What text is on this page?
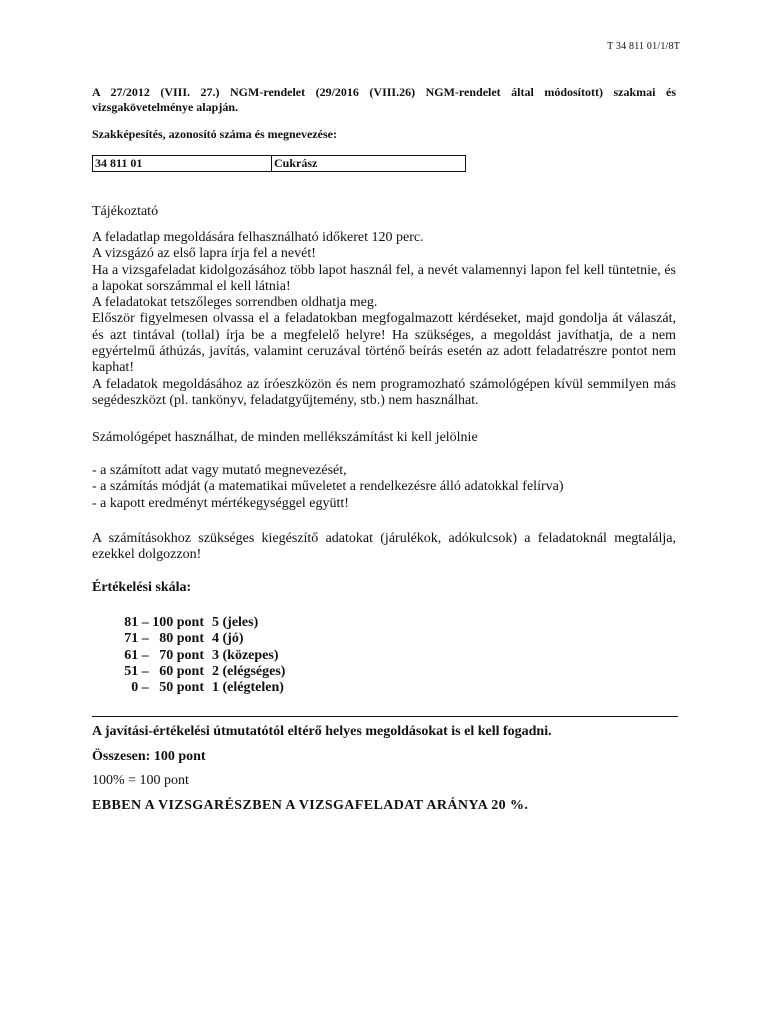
T 34 811 01/1/8T
A 27/2012 (VIII. 27.) NGM-rendelet (29/2016 (VIII.26) NGM-rendelet által módosított) szakmai és vizsgakövetelménye alapján.
Szakképesítés, azonosító száma és megnevezése:
34 811 01	Cukrász
Tájékoztató

A feladatlap megoldására felhasználható időkeret 120 perc.

A vizsgázó az első lapra írja fel a nevét!

Ha a vizsgafeladat kidolgozásához több lapot használ fel, a nevét valamennyi lapon fel kell tüntetnie, és a lapokat sorszámmal el kell látnia!

A feladatokat tetszőleges sorrendben oldhatja meg.

Először figyelmesen olvassa el a feladatokban megfogalmazott kérdéseket, majd gondolja át válaszát, és azt tintával (tollal) írja be a megfelelő helyre! Ha szükséges, a megoldást javíthatja, de a nem egyértelmű áthúzás, javítás, valamint ceruzával történő beírás esetén az adott feladatrészre pontot nem kaphat!

A feladatok megoldásához az íróeszközön és nem programozható számológépen kívül semmilyen más segédeszközt (pl. tankönyv, feladatgyűjtemény, stb.) nem használhat.

Számológépet használhat, de minden mellékszámítást ki kell jelölnie
- a számított adat vagy mutató megnevezését,
- a számítás módját (a matematikai műveletet a rendelkezésre álló adatokkal felírva)
- a kapott eredményt mértékegységgel együtt!
A számításokhoz szükséges kiegészítő adatokat (járulékok, adókulcsok) a feladatoknál megtalálja, ezekkel dolgozzon!
Értékelési skála:
81 – 100 pont 5 (jeles)
71 –   80 pont 4 (jó)
61 –   70 pont 3 (közepes)
51 –   60 pont 2 (elégséges)
0 –   50 pont 1 (elégtelen)
A javítási-értékelési útmutatótól eltérő helyes megoldásokat is el kell fogadni.
Összesen: 100 pont
100% = 100 pont
EBBEN A VIZSGARÉSZBEN A VIZSGAFELADAT ARÁNYA 20 %.
